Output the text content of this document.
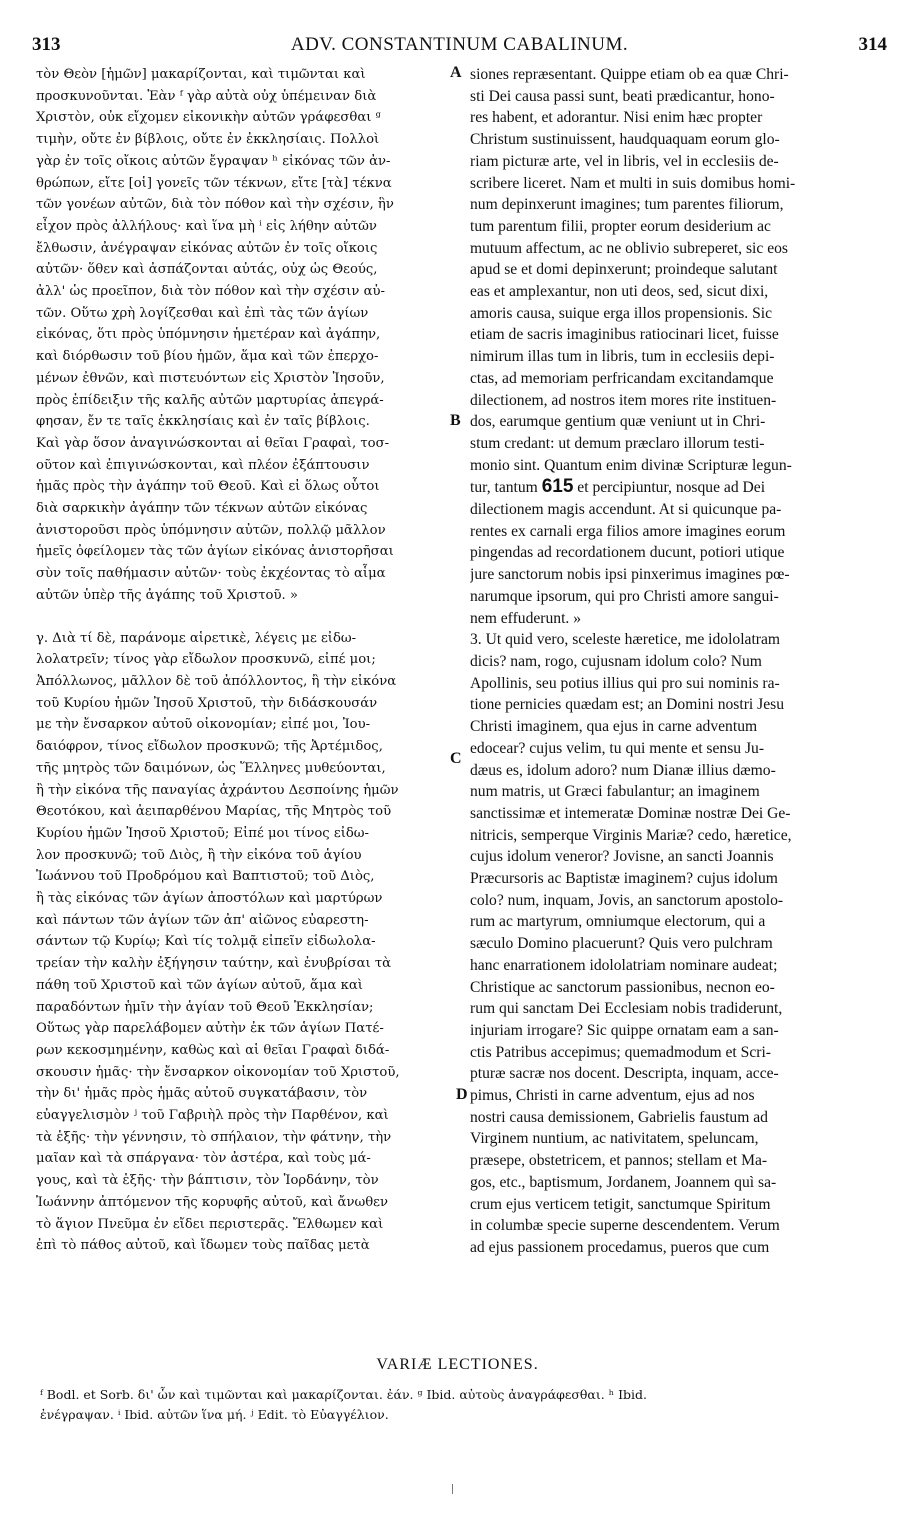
313	ADV. CONSTANTINUM CABALINUM.	314
τὸν Θεὸν [ἡμῶν] μακαρίζονται, καὶ τιμῶνται καὶ
προσκυνοῦνται. Ἐὰν ᶠ γὰρ αὐτὰ οὐχ ὑπέμειναν διὰ
Χριστὸν, οὐκ εἴχομεν εἰκονικὴν αὐτῶν γράφεσθαι ᵍ
τιμὴν, οὔτε ἐν βίβλοις, οὔτε ἐν ἐκκλησίαις. Πολλοὶ
γὰρ ἐν τοῖς οἴκοις αὐτῶν ἔγραψαν ʰ εἰκόνας τῶν ἀν-
θρώπων, εἴτε [οἱ] γονεῖς τῶν τέκνων, εἴτε [τὰ] τέκνα
τῶν γονέων αὐτῶν, διὰ τὸν πόθον καὶ τὴν σχέσιν, ἣν
εἶχον πρὸς ἀλλήλους· καὶ ἵνα μὴ ⁱ εἰς λήθην αὐτῶν
ἔλθωσιν, ἀνέγραψαν εἰκόνας αὐτῶν ἐν τοῖς οἴκοις
αὐτῶν· ὅθεν καὶ ἀσπάζονται αὐτάς, οὐχ ὡς Θεούς,
ἀλλ' ὡς προεῖπον, διὰ τὸν πόθον καὶ τὴν σχέσιν αὐ-
τῶν. Οὕτω χρὴ λογίζεσθαι καὶ ἐπὶ τὰς τῶν ἁγίων
εἰκόνας, ὅτι πρὸς ὑπόμνησιν ἡμετέραν καὶ ἀγάπην,
καὶ διόρθωσιν τοῦ βίου ἡμῶν, ἅμα καὶ τῶν ἐπερχο-
μένων ἐθνῶν, καὶ πιστευόντων εἰς Χριστὸν Ἰησοῦν,
πρὸς ἐπίδειξιν τῆς καλῆς αὐτῶν μαρτυρίας ἀπεγρά-
φησαν, ἔν τε ταῖς ἐκκλησίαις καὶ ἐν ταῖς βίβλοις.
Καὶ γὰρ ὅσον ἀναγινώσκονται αἱ θεῖαι Γραφαὶ, τοσ-
οῦτον καὶ ἐπιγινώσκονται, καὶ πλέον ἐξάπτουσιν
ἡμᾶς πρὸς τὴν ἀγάπην τοῦ Θεοῦ. Καὶ εἰ ὅλως οὗτοι
διὰ σαρκικὴν ἀγάπην τῶν τέκνων αὐτῶν εἰκόνας
ἀνιστοροῦσι πρὸς ὑπόμνησιν αὐτῶν, πολλῷ μᾶλλον
ἡμεῖς ὀφείλομεν τὰς τῶν ἁγίων εἰκόνας ἀνιστορῆσαι
σὺν τοῖς παθήμασιν αὐτῶν· τοὺς ἐκχέοντας τὸ αἷμα
αὐτῶν ὑπὲρ τῆς ἀγάπης τοῦ Χριστοῦ. »
γ. Διὰ τί δὲ, παράνομε αἱρετικὲ, λέγεις με εἰδω-
λολατρεῖν; τίνος γὰρ εἴδωλον προσκυνῶ, εἰπέ μοι;
Ἀπόλλωνος, μᾶλλον δὲ τοῦ ἀπόλλοντος, ἢ τὴν εἰκόνα
τοῦ Κυρίου ἡμῶν Ἰησοῦ Χριστοῦ, τὴν διδάσκουσάν
με τὴν ἔνσαρκον αὐτοῦ οἰκονομίαν; εἰπέ μοι, Ἰου-
δαιόφρον, τίνος εἴδωλον προσκυνῶ; τῆς Ἀρτέμιδος,
τῆς μητρὸς τῶν δαιμόνων, ὡς Ἕλληνες μυθεύονται,
ἢ τὴν εἰκόνα τῆς παναγίας ἀχράντου Δεσποίνης ἡμῶν
Θεοτόκου, καὶ ἀειπαρθένου Μαρίας, τῆς Μητρὸς τοῦ
Κυρίου ἡμῶν Ἰησοῦ Χριστοῦ; Εἰπέ μοι τίνος εἰδω-
λον προσκυνῶ; τοῦ Διὸς, ἢ τὴν εἰκόνα τοῦ ἁγίου
Ἰωάννου τοῦ Προδρόμου καὶ Βαπτιστοῦ; τοῦ Διὸς,
ἢ τὰς εἰκόνας τῶν ἁγίων ἀποστόλων καὶ μαρτύρων
καὶ πάντων τῶν ἁγίων τῶν ἀπ' αἰῶνος εὐαρεστη-
σάντων τῷ Κυρίῳ; Καὶ τίς τολμᾷ εἰπεῖν εἰδωλολα-
τρείαν τὴν καλὴν ἐξήγησιν ταύτην, καὶ ἐνυβρίσαι τὰ
πάθη τοῦ Χριστοῦ καὶ τῶν ἁγίων αὐτοῦ, ἅμα καὶ
παραδόντων ἡμῖν τὴν ἁγίαν τοῦ Θεοῦ Ἐκκλησίαν;
Οὕτως γὰρ παρελάβομεν αὐτὴν ἐκ τῶν ἁγίων Πατέ-
ρων κεκοσμημένην, καθὼς καὶ αἱ θεῖαι Γραφαὶ διδά-
σκουσιν ἡμᾶς· τὴν ἔνσαρκον οἰκονομίαν τοῦ Χριστοῦ,
τὴν δι' ἡμᾶς πρὸς ἡμᾶς αὐτοῦ συγκατάβασιν, τὸν
εὐαγγελισμὸν ʲ τοῦ Γαβριὴλ πρὸς τὴν Παρθένον, καὶ
τὰ ἑξῆς· τὴν γέννησιν, τὸ σπήλαιον, τὴν φάτνην, τὴν
μαῖαν καὶ τὰ σπάργανα· τὸν ἀστέρα, καὶ τοὺς μά-
γους, καὶ τὰ ἑξῆς· τὴν βάπτισιν, τὸν Ἰορδάνην, τὸν
Ἰωάννην ἀπτόμενον τῆς κορυφῆς αὐτοῦ, καὶ ἄνωθεν
τὸ ἅγιον Πνεῦμα ἐν εἴδει περιστερᾶς. Ἔλθωμεν καὶ
ἐπὶ τὸ πάθος αὐτοῦ, καὶ ἴδωμεν τοὺς παῖδας μετὰ
siones repræsentant. Quippe etiam ob ea quæ Chri-
sti Dei causa passi sunt, beati prædicantur, hono-
res habent, et adorantur. Nisi enim hæc propter
Christum sustinuissent, haudquaquam eorum glo-
riam picturæ arte, vel in libris, vel in ecclesiis de-
scribere liceret. Nam et multi in suis domibus homi-
num depinxerunt imagines; tum parentes filiorum,
tum parentum filii, propter eorum desiderium ac
mutuum affectum, ac ne oblivio subreperet, sic eos
apud se et domi depinxerunt; proindeque salutant
eas et amplexantur, non uti deos, sed, sicut dixi,
amoris causa, suique erga illos propensionis. Sic
etiam de sacris imaginibus ratiocinari licet, fuisse
nimirum illas tum in libris, tum in ecclesiis depi-
ctas, ad memoriam perfricandam excitandamque
dilectionem, ad nostros item mores rite instituen-
dos, earumque gentium quæ veniunt ut in Chri-
stum credant: ut demum præclaro illorum testi-
monio sint. Quantum enim divinæ Scripturæ legun-
tur, tantum 615 et percipiuntur, nosque ad Dei
dilectionem magis accendunt. At si quicunque pa-
rentes ex carnali erga filios amore imagines eorum
pingendas ad recordationem ducunt, potiori utique
jure sanctorum nobis ipsi pinxerimus imagines pœ-
narumque ipsorum, qui pro Christi amore sangui-
nem effuderunt. »
3. Ut quid vero, sceleste hæretice, me idololatram
dicis? nam, rogo, cujusnam idolum colo? Num
Apollinis, seu potius illius qui pro sui nominis ra-
tione pernicies quædam est; an Domini nostri Jesu
Christi imaginem, qua ejus in carne adventum
edocear? cujus velim, tu qui mente et sensu Ju-
dæus es, idolum adoro? num Dianæ illius dæmo-
num matris, ut Græci fabulantur; an imaginem
sanctissimæ et intemeratæ Dominæ nostræ Dei Ge-
nitricis, semperque Virginis Mariæ? cedo, hæretice,
cujus idolum veneror? Jovisne, an sancti Joannis
Præcursoris ac Baptistæ imaginem? cujus idolum
colo? num, inquam, Jovis, an sanctorum apostolo-
rum ac martyrum, omniumque electorum, qui a
sæculo Domino placuerunt? Quis vero pulchram
hanc enarrationem idololatriam nominare audeat;
Christique ac sanctorum passionibus, necnon eo-
rum qui sanctam Dei Ecclesiam nobis tradiderunt,
injuriam irrogare? Sic quippe ornatam eam a san-
ctis Patribus accepimus; quemadmodum et Scri-
pturæ sacræ nos docent. Descripta, inquam, acce-
pimus, Christi in carne adventum, ejus ad nos
nostri causa demissionem, Gabrielis faustum ad
Virginem nuntium, ac nativitatem, speluncam,
præsepe, obstetricem, et pannos; stellam et Ma-
gos, etc., baptismum, Jordanem, Joannem quì sa-
crum ejus verticem tetigit, sanctumque Spiritum
in columbæ specie superne descendentem. Verum
ad ejus passionem procedamus, pueros que cum
A
B
C
D
VARIÆ LECTIONES.
ᶠ Bodl. et Sorb. δι' ὧν καὶ τιμῶνται καὶ μακαρίζονται. ἐάν. ᵍ Ibid. αὐτοὺς ἀναγράφεσθαι. ʰ Ibid.
ἐνέγραψαν. ⁱ Ibid. αὐτῶν ἵνα μή. ʲ Edit. τὸ Εὐαγγέλιον.
